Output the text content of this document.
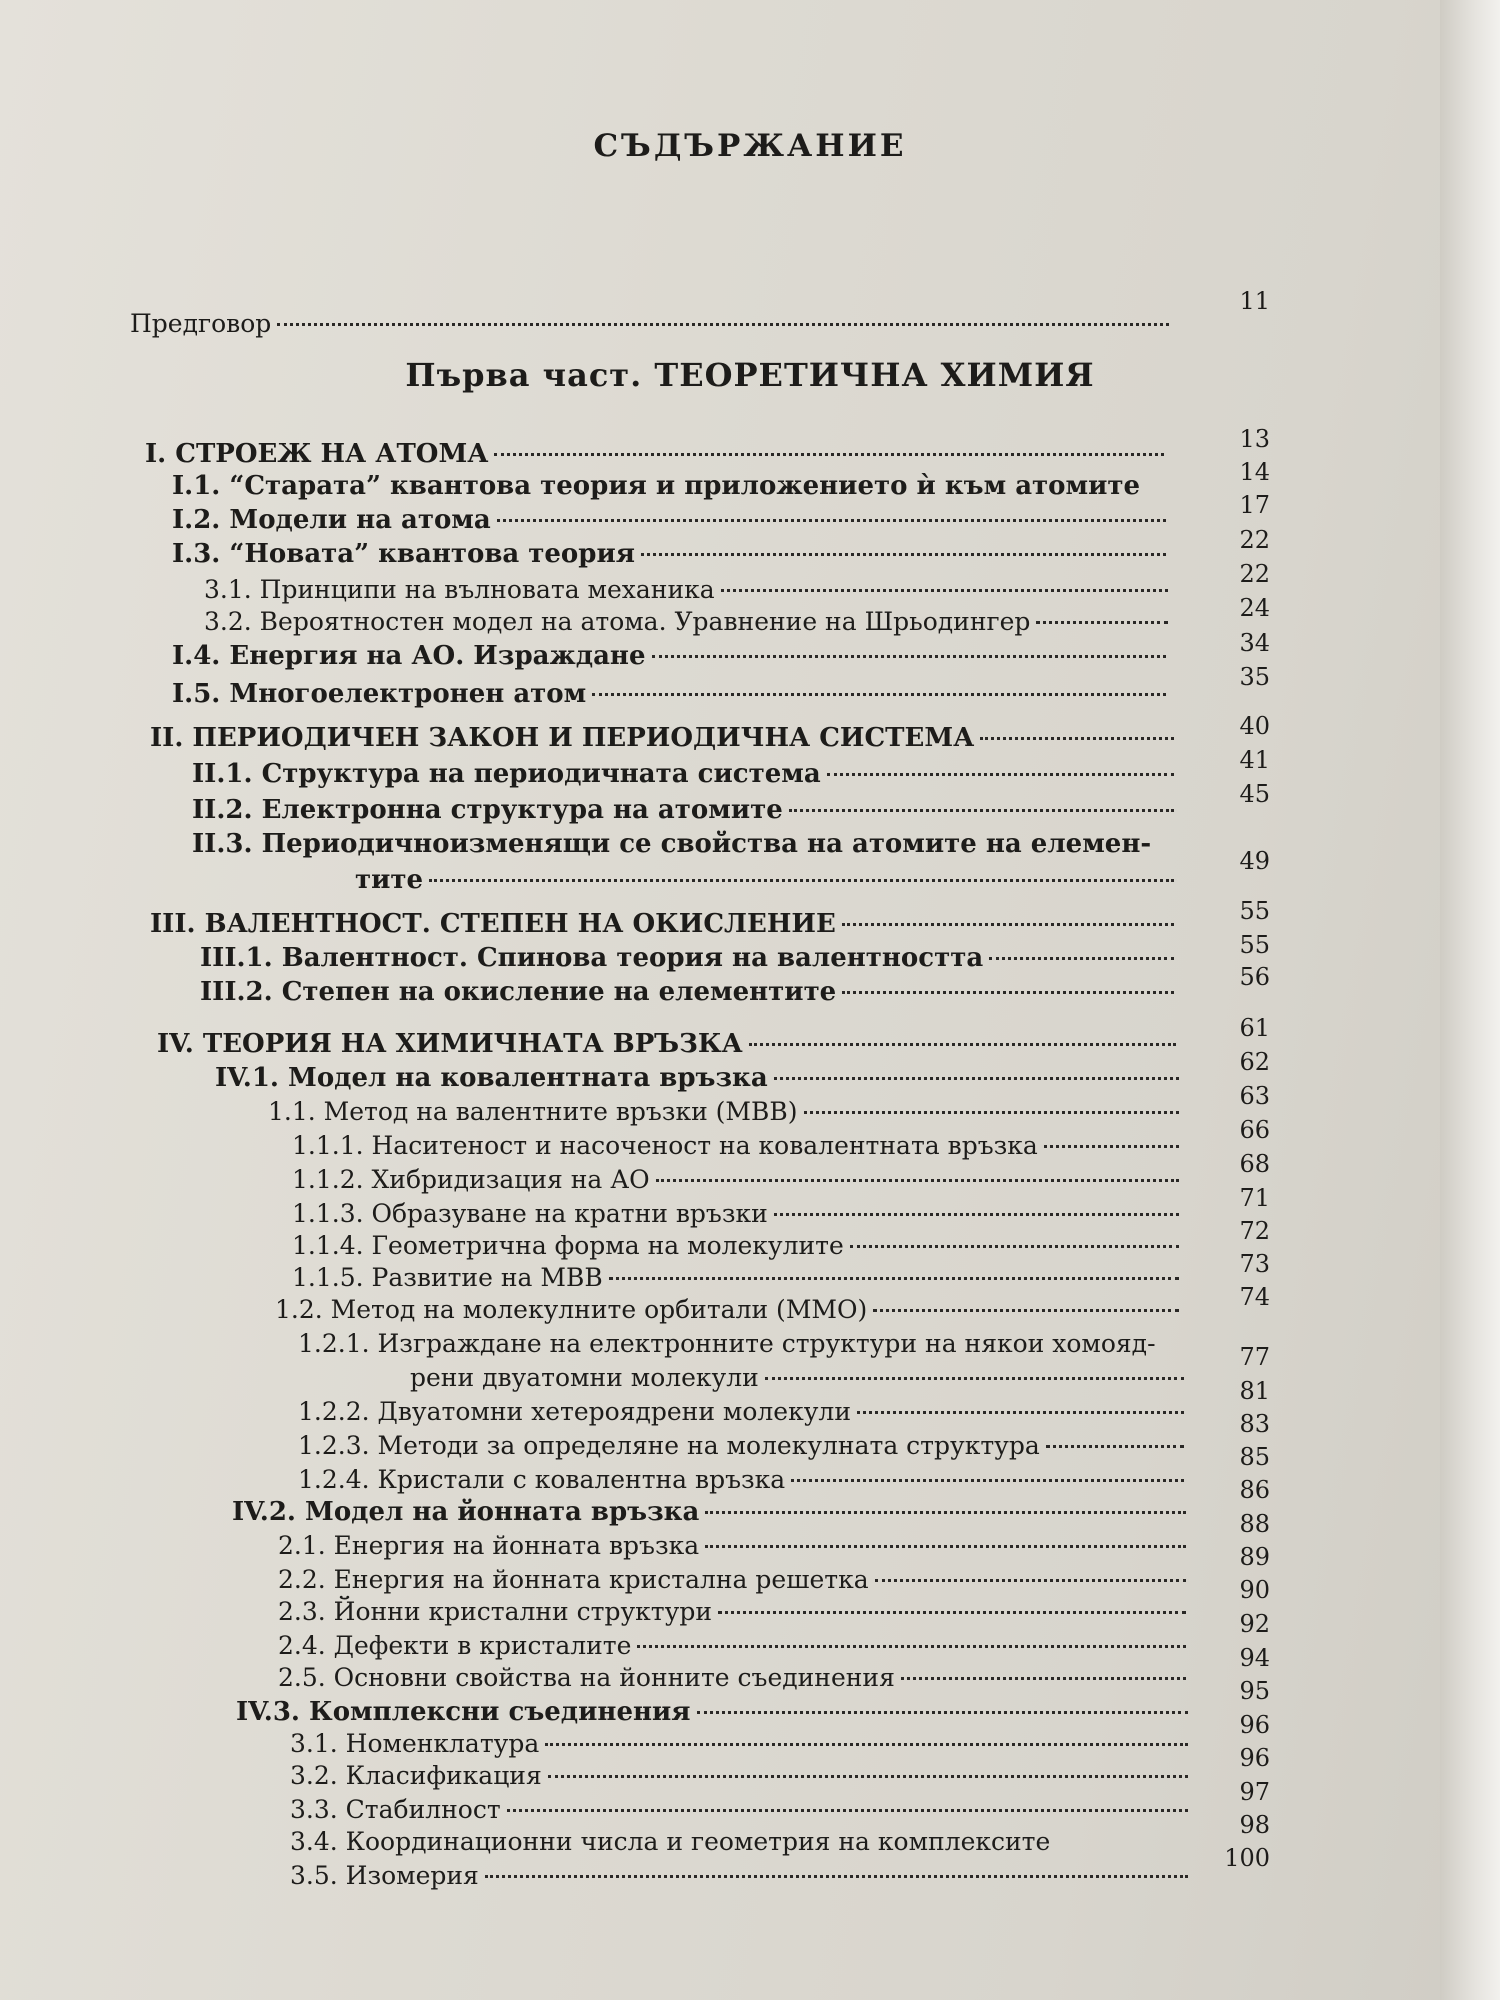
СЪДЪРЖАНИЕ
Първа част. ТЕОРЕТИЧНА ХИМИЯ
Предговор
I. СТРОЕЖ НА АТОМА
I.1. “Старата” квантова теория и приложението ѝ към атомите
I.2. Модели на атома
I.3. “Новата” квантова теория
3.1. Принципи на вълновата механика
3.2. Вероятностен модел на атома. Уравнение на Шрьодингер
I.4. Енергия на АО. Израждане
I.5. Многоелектронен атом
II. ПЕРИОДИЧЕН ЗАКОН И ПЕРИОДИЧНА СИСТЕМА
II.1. Структура на периодичната система
II.2. Електронна структура на атомите
II.3. Периодичноизменящи се свойства на атомите на елемен-
тите
III. ВАЛЕНТНОСТ. СТЕПЕН НА ОКИСЛЕНИЕ
III.1. Валентност. Спинова теория на валентността
III.2. Степен на окисление на елементите
IV. ТЕОРИЯ НА ХИМИЧНАТА ВРЪЗКА
IV.1. Модел на ковалентната връзка
1.1. Метод на валентните връзки (МВВ)
1.1.1. Наситеност и насоченост на ковалентната връзка
1.1.2. Хибридизация на АО
1.1.3. Образуване на кратни връзки
1.1.4. Геометрична форма на молекулите
1.1.5. Развитие на МВВ
1.2. Метод на молекулните орбитали (ММО)
1.2.1. Изграждане на електронните структури на някои хомояд-
рени двуатомни молекули
1.2.2. Двуатомни хетероядрени молекули
1.2.3. Методи за определяне на молекулната структура
1.2.4. Кристали с ковалентна връзка
IV.2. Модел на йонната връзка
2.1. Енергия на йонната връзка
2.2. Енергия на йонната кристална решетка
2.3. Йонни кристални структури
2.4. Дефекти в кристалите
2.5. Основни свойства на йонните съединения
IV.3. Комплексни съединения
3.1. Номенклатура
3.2. Класификация
3.3. Стабилност
3.4. Координационни числа и геометрия на комплексите
3.5. Изомерия
11
13
14
17
22
22
24
34
35
40
41
45
49
55
55
56
61
62
63
66
68
71
72
73
74
77
81
83
85
86
88
89
90
92
94
95
96
96
97
98
100
